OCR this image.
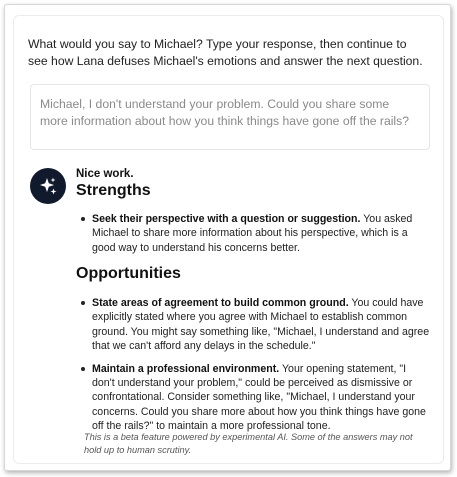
What would you say to Michael? Type your response, then continue to see how Lana defuses Michael's emotions and answer the next question.

Michael, I don't understand your problem. Could you share some more information about how you think things have gone off the rails?
Nice work.
Strengths
Seek their perspective with a question or suggestion. You asked Michael to share more information about his perspective, which is a good way to understand his concerns better.
Opportunities
State areas of agreement to build common ground. You could have explicitly stated where you agree with Michael to establish common ground. You might say something like, "Michael, I understand and agree that we can't afford any delays in the schedule."
Maintain a professional environment. Your opening statement, "I don't understand your problem," could be perceived as dismissive or confrontational. Consider something like, "Michael, I understand your concerns. Could you share more about how you think things have gone off the rails?" to maintain a more professional tone.

This is a beta feature powered by experimental AI. Some of the answers may not hold up to human scrutiny.
